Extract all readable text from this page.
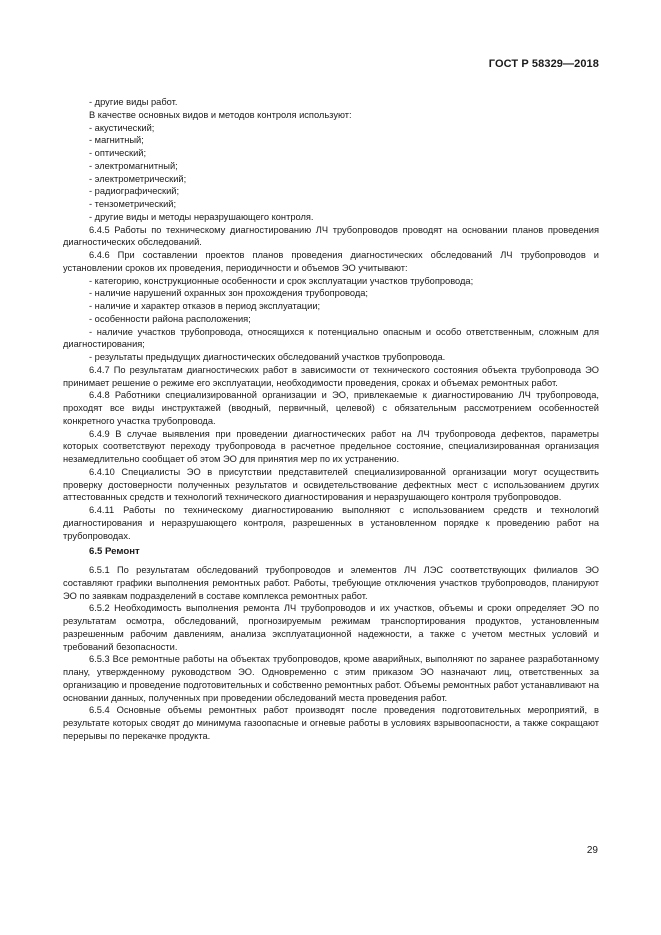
ГОСТ Р 58329—2018

- другие виды работ.

В качестве основных видов и методов контроля используют:

- акустический;

- магнитный;

- оптический;

- электромагнитный;

- электрометрический;

- радиографический;

- тензометрический;

- другие виды и методы неразрушающего контроля.

6.4.5 Работы по техническому диагностированию ЛЧ трубопроводов проводят на основании планов проведения диагностических обследований.

6.4.6 При составлении проектов планов проведения диагностических обследований ЛЧ трубопроводов и установлении сроков их проведения, периодичности и объемов ЭО учитывают:

- категорию, конструкционные особенности и срок эксплуатации участков трубопровода;

- наличие нарушений охранных зон прохождения трубопровода;

- наличие и характер отказов в период эксплуатации;

- особенности района расположения;

- наличие участков трубопровода, относящихся к потенциально опасным и особо ответственным, сложным для диагностирования;

- результаты предыдущих диагностических обследований участков трубопровода.

6.4.7 По результатам диагностических работ в зависимости от технического состояния объекта трубопровода ЭО принимает решение о режиме его эксплуатации, необходимости проведения, сроках и объемах ремонтных работ.

6.4.8 Работники специализированной организации и ЭО, привлекаемые к диагностированию ЛЧ трубопровода, проходят все виды инструктажей (вводный, первичный, целевой) с обязательным рассмотрением особенностей конкретного участка трубопровода.

6.4.9 В случае выявления при проведении диагностических работ на ЛЧ трубопровода дефектов, параметры которых соответствуют переходу трубопровода в расчетное предельное состояние, специализированная организация незамедлительно сообщает об этом ЭО для принятия мер по их устранению.

6.4.10 Специалисты ЭО в присутствии представителей специализированной организации могут осуществить проверку достоверности полученных результатов и освидетельствование дефектных мест с использованием других аттестованных средств и технологий технического диагностирования и неразрушающего контроля трубопроводов.

6.4.11 Работы по техническому диагностированию выполняют с использованием средств и технологий диагностирования и неразрушающего контроля, разрешенных в установленном порядке к проведению работ на трубопроводах.

6.5 Ремонт

6.5.1 По результатам обследований трубопроводов и элементов ЛЧ ЛЭС соответствующих филиалов ЭО составляют графики выполнения ремонтных работ. Работы, требующие отключения участков трубопроводов, планируют ЭО по заявкам подразделений в составе комплекса ремонтных работ.

6.5.2 Необходимость выполнения ремонта ЛЧ трубопроводов и их участков, объемы и сроки определяет ЭО по результатам осмотра, обследований, прогнозируемым режимам транспортирования продуктов, установленным разрешенным рабочим давлениям, анализа эксплуатационной надежности, а также с учетом местных условий и требований безопасности.

6.5.3 Все ремонтные работы на объектах трубопроводов, кроме аварийных, выполняют по заранее разработанному плану, утвержденному руководством ЭО. Одновременно с этим приказом ЭО назначают лиц, ответственных за организацию и проведение подготовительных и собственно ремонтных работ. Объемы ремонтных работ устанавливают на основании данных, полученных при проведении обследований места проведения работ.

6.5.4 Основные объемы ремонтных работ производят после проведения подготовительных мероприятий, в результате которых сводят до минимума газоопасные и огневые работы в условиях взрывоопасности, а также сокращают перерывы по перекачке продукта.

29
